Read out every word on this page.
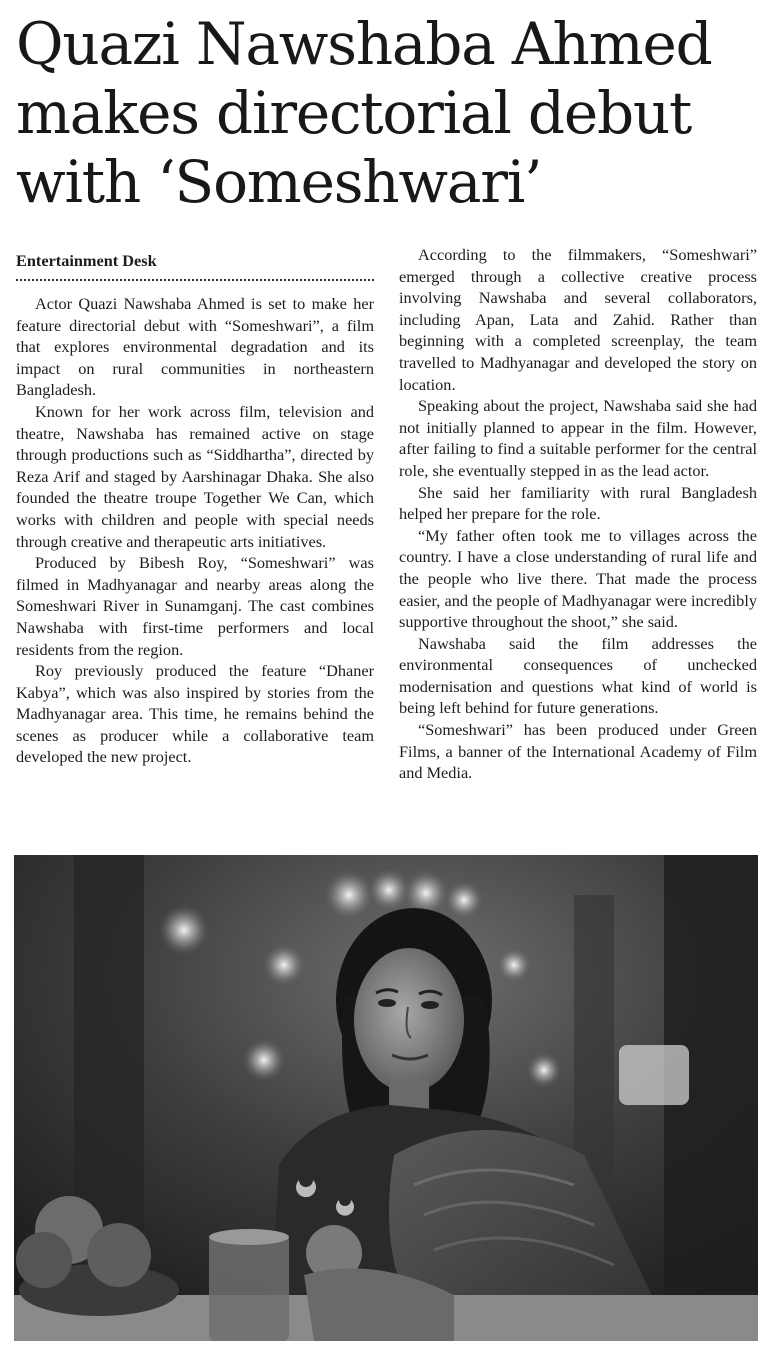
Quazi Nawshaba Ahmed
makes directorial debut
with ‘Someshwari’
Entertainment Desk

Actor Quazi Nawshaba Ahmed is set to make her feature directorial debut with “Someshwari”, a film that explores environmental degradation and its impact on rural communities in northeastern Bangladesh.

Known for her work across film, television and theatre, Nawshaba has remained active on stage through productions such as “Siddhartha”, directed by Reza Arif and staged by Aarshinagar Dhaka. She also founded the theatre troupe Together We Can, which works with children and people with special needs through creative and therapeutic arts initiatives.

Produced by Bibesh Roy, “Someshwari” was filmed in Madhyanagar and nearby areas along the Someshwari River in Sunamganj. The cast combines Nawshaba with first-time performers and local residents from the region.

Roy previously produced the feature “Dhaner Kabya”, which was also inspired by stories from the Madhyanagar area. This time, he remains behind the scenes as producer while a collaborative team developed the new project.

According to the filmmakers, “Someshwari” emerged through a collective creative process involving Nawshaba and several collaborators, including Apan, Lata and Zahid. Rather than beginning with a completed screenplay, the team travelled to Madhyanagar and developed the story on location.

Speaking about the project, Nawshaba said she had not initially planned to appear in the film. However, after failing to find a suitable performer for the central role, she eventually stepped in as the lead actor.

She said her familiarity with rural Bangladesh helped her prepare for the role.

“My father often took me to villages across the country. I have a close understanding of rural life and the people who live there. That made the process easier, and the people of Madhyanagar were incredibly supportive throughout the shoot,” she said.

Nawshaba said the film addresses the environmental consequences of unchecked modernisation and questions what kind of world is being left behind for future generations.

“Someshwari” has been produced under Green Films, a banner of the International Academy of Film and Media.
